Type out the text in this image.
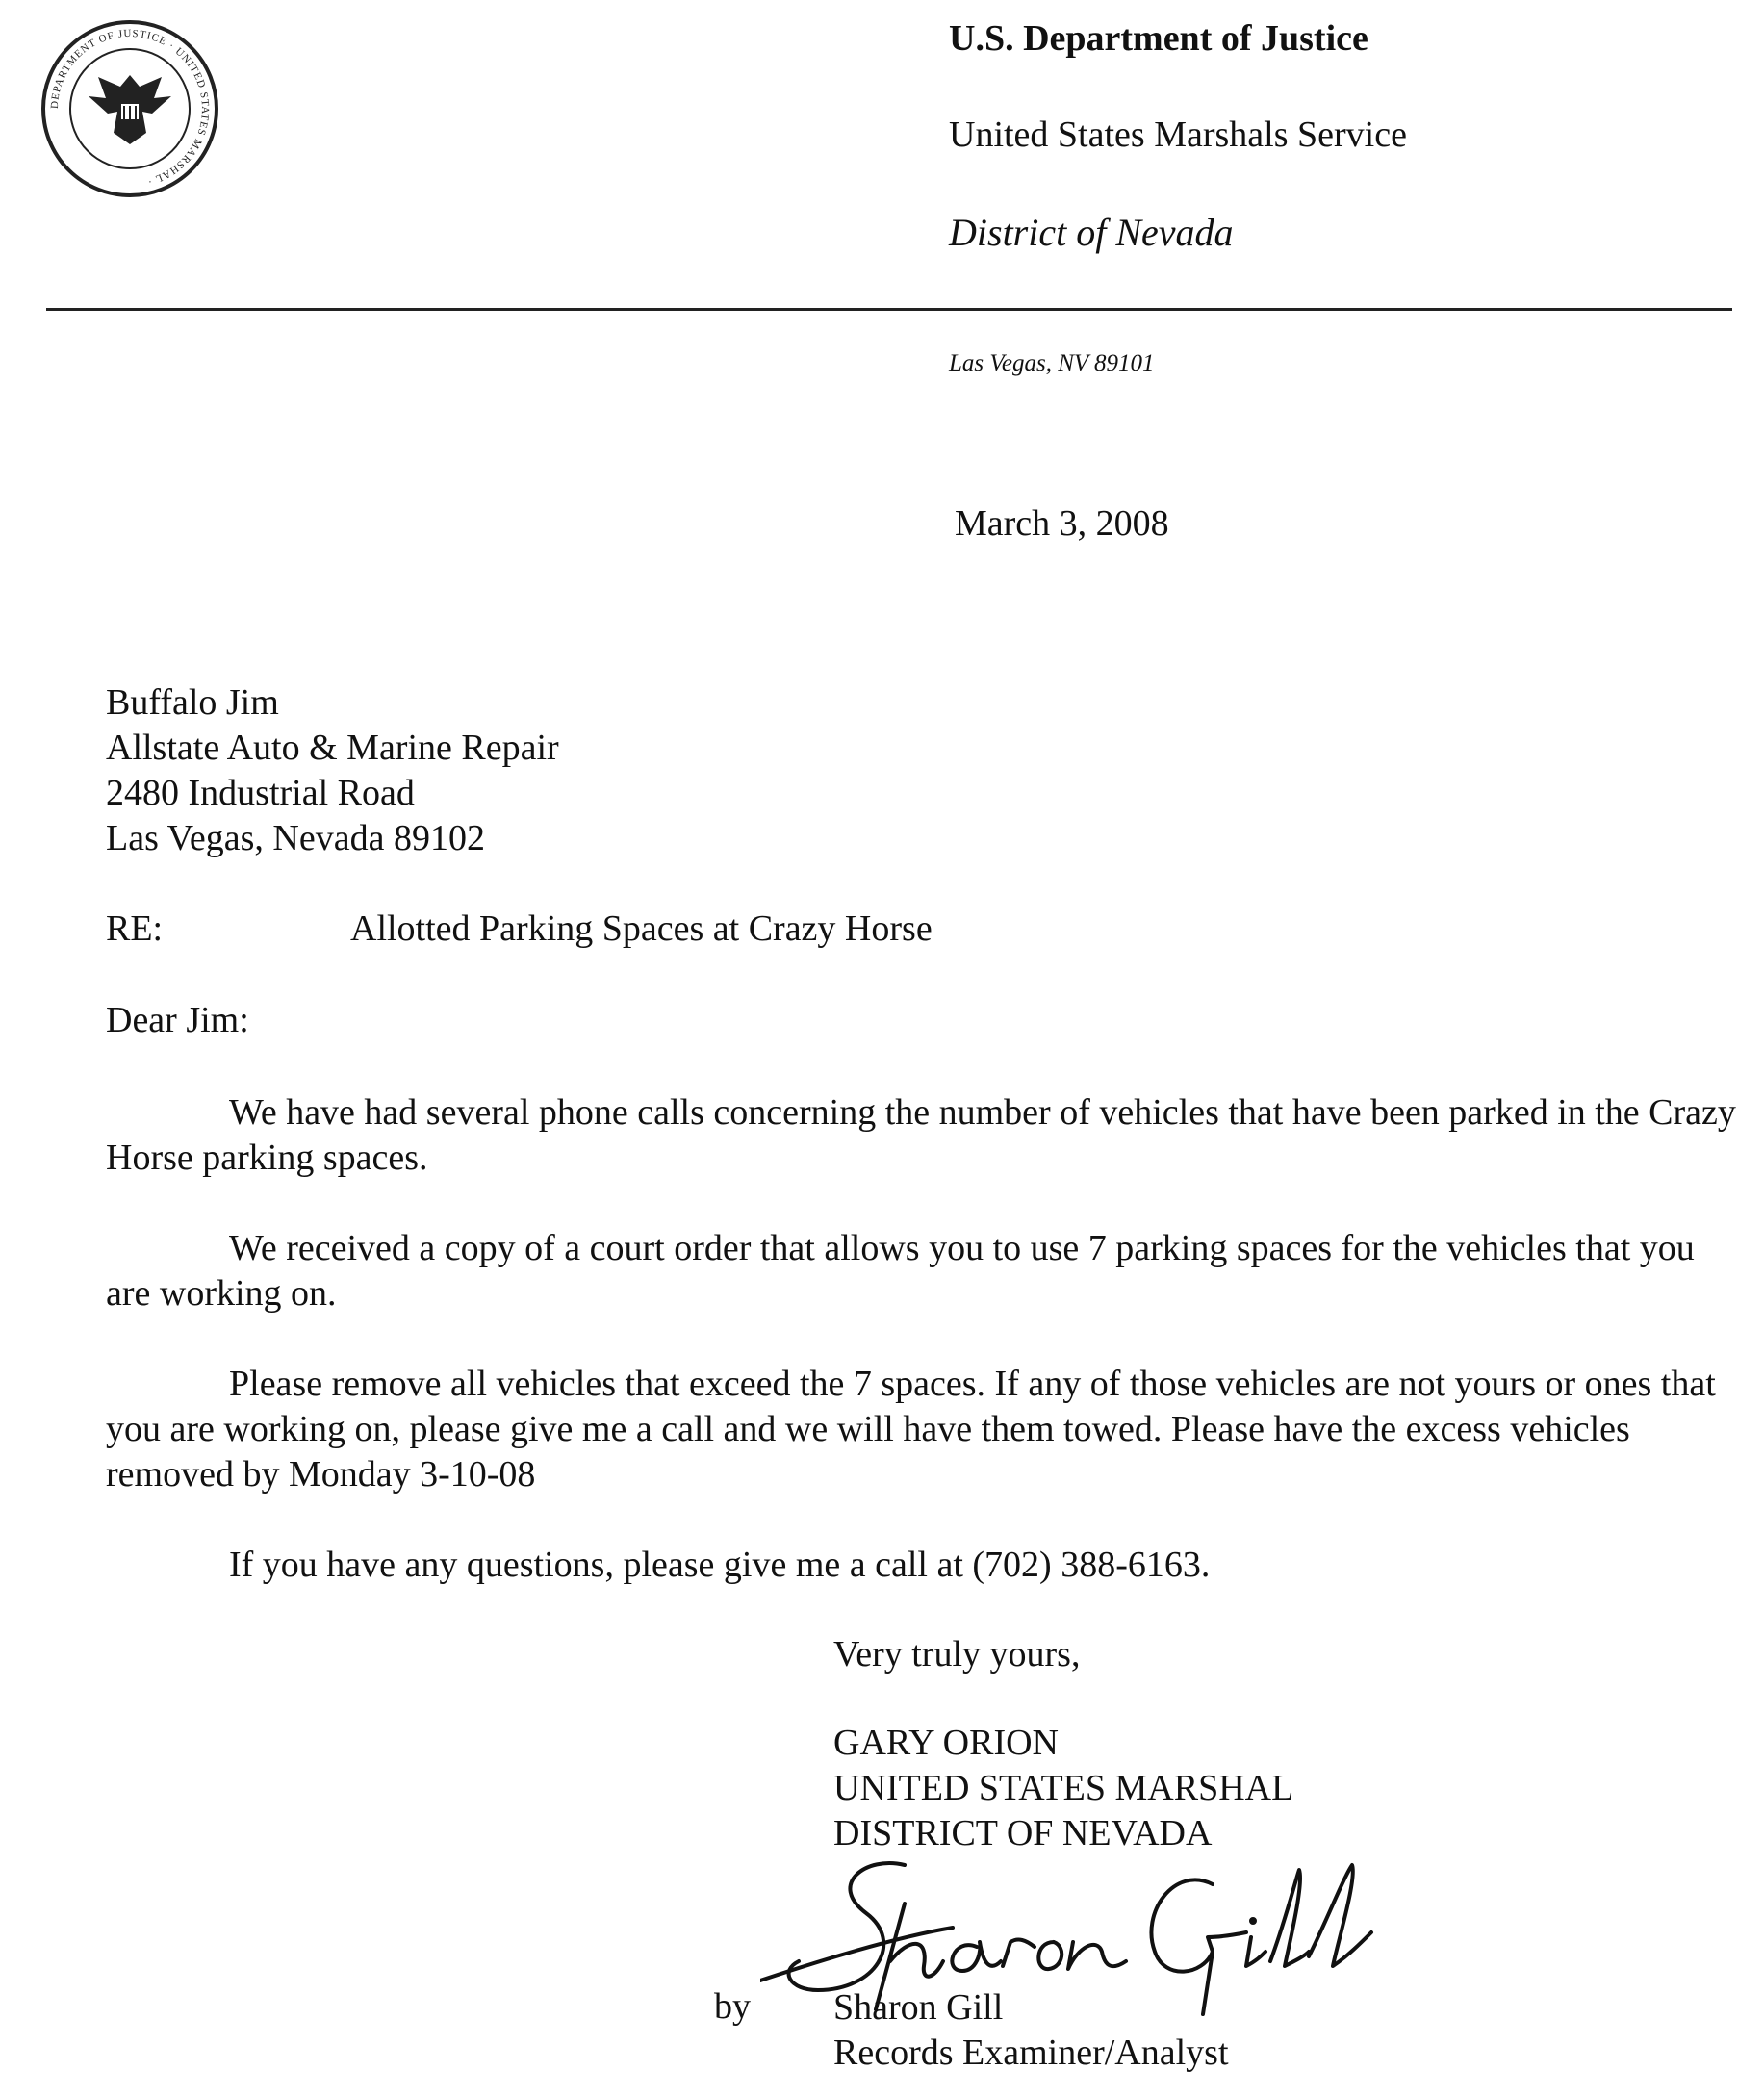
DEPARTMENT OF JUSTICE · UNITED STATES MARSHAL ·
U.S. Department of Justice
United States Marshals Service
District of Nevada
Las Vegas, NV 89101
March 3, 2008
Buffalo Jim
Allstate Auto & Marine Repair
2480 Industrial Road
Las Vegas, Nevada 89102
RE:	Allotted Parking Spaces at Crazy Horse
Dear Jim:

We have had several phone calls concerning the number of vehicles that have been parked in the Crazy Horse parking spaces.

We received a copy of a court order that allows you to use 7 parking spaces for the vehicles that you are working on.

Please remove all vehicles that exceed the 7 spaces. If any of those vehicles are not yours or ones that you are working on, please give me a call and we will have them towed. Please have the excess vehicles removed by Monday 3-10-08

If you have any questions, please give me a call at (702) 388-6163.

Very truly yours,
GARY ORION
UNITED STATES MARSHAL
DISTRICT OF NEVADA
by Sharon Gill
Records Examiner/Analyst
